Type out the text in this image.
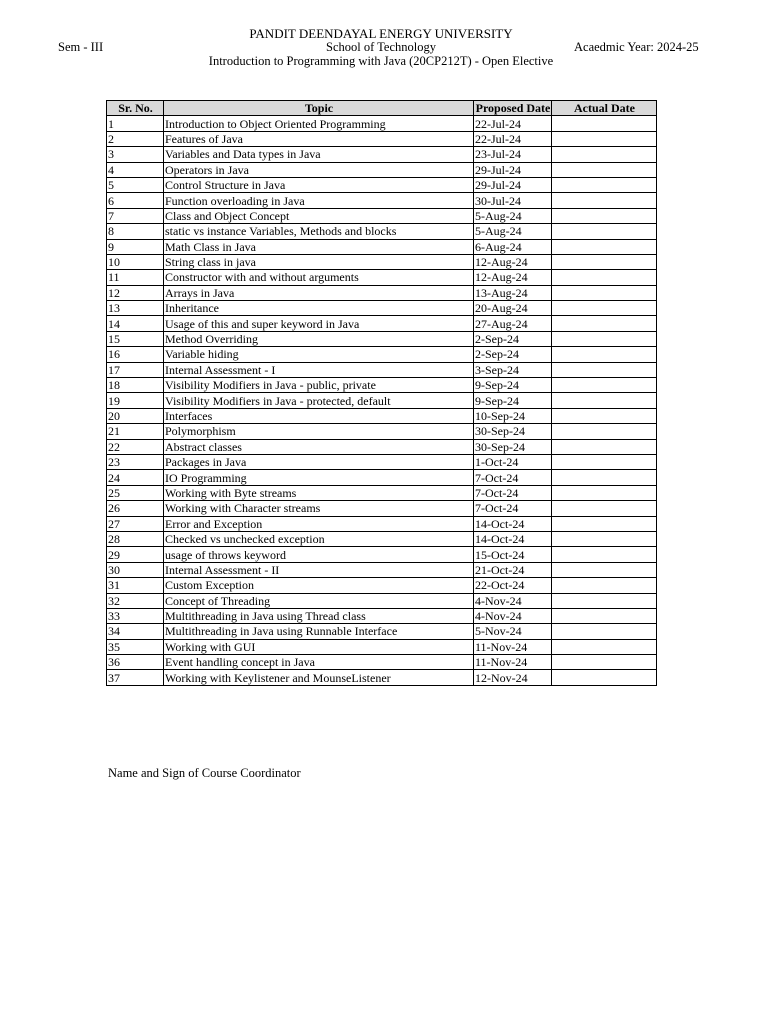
PANDIT DEENDAYAL ENERGY UNIVERSITY
Sem - III	School of Technology	Acaedmic Year: 2024-25
Introduction to Programming with Java (20CP212T) - Open Elective
Sr. No.	Topic	Proposed Date	Actual Date
1	Introduction to Object Oriented Programming	22-Jul-24	
2	Features of Java	22-Jul-24	
3	Variables and Data types in Java	23-Jul-24	
4	Operators in Java	29-Jul-24	
5	Control Structure in Java	29-Jul-24	
6	Function overloading in Java	30-Jul-24	
7	Class and Object Concept	5-Aug-24	
8	static vs instance Variables, Methods and blocks	5-Aug-24	
9	Math Class in Java	6-Aug-24	
10	String class in java	12-Aug-24	
11	Constructor with and without arguments	12-Aug-24	
12	Arrays in Java	13-Aug-24	
13	Inheritance	20-Aug-24	
14	Usage of this and super keyword in Java	27-Aug-24	
15	Method Overriding	2-Sep-24	
16	Variable hiding	2-Sep-24	
17	Internal Assessment - I	3-Sep-24	
18	Visibility Modifiers in Java - public, private	9-Sep-24	
19	Visibility Modifiers in Java - protected, default	9-Sep-24	
20	Interfaces	10-Sep-24	
21	Polymorphism	30-Sep-24	
22	Abstract classes	30-Sep-24	
23	Packages in Java	1-Oct-24	
24	IO Programming	7-Oct-24	
25	Working with Byte streams	7-Oct-24	
26	Working with Character streams	7-Oct-24	
27	Error and Exception	14-Oct-24	
28	Checked vs unchecked exception	14-Oct-24	
29	usage of throws keyword	15-Oct-24	
30	Internal Assessment - II	21-Oct-24	
31	Custom Exception	22-Oct-24	
32	Concept of Threading	4-Nov-24	
33	Multithreading in Java using Thread class	4-Nov-24	
34	Multithreading in Java using Runnable Interface	5-Nov-24	
35	Working with GUI	11-Nov-24	
36	Event handling concept in Java	11-Nov-24	
37	Working with Keylistener and MounseListener	12-Nov-24	
Name and Sign of Course Coordinator
